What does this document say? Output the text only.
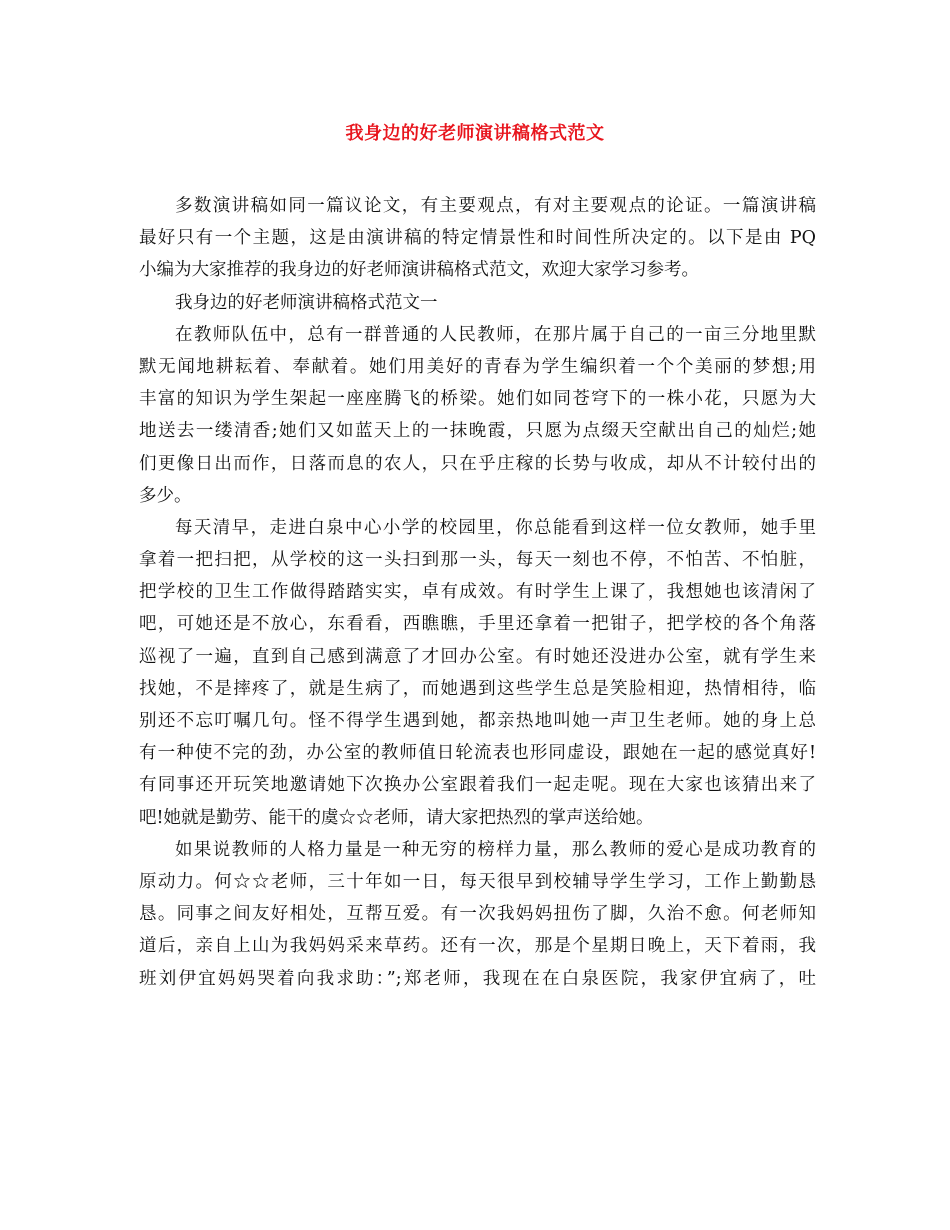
我身边的好老师演讲稿格式范文
多数演讲稿如同一篇议论文，有主要观点，有对主要观点的论证。一篇演讲稿
最好只有一个主题，这是由演讲稿的特定情景性和时间性所决定的。以下是由 PQ
小编为大家推荐的我身边的好老师演讲稿格式范文，欢迎大家学习参考。
我身边的好老师演讲稿格式范文一
在教师队伍中，总有一群普通的人民教师，在那片属于自己的一亩三分地里默
默无闻地耕耘着、奉献着。她们用美好的青春为学生编织着一个个美丽的梦想;用
丰富的知识为学生架起一座座腾飞的桥梁。她们如同苍穹下的一株小花，只愿为大
地送去一缕清香;她们又如蓝天上的一抹晚霞，只愿为点缀天空献出自己的灿烂;她
们更像日出而作，日落而息的农人，只在乎庄稼的长势与收成，却从不计较付出的
多少。
每天清早，走进白泉中心小学的校园里，你总能看到这样一位女教师，她手里
拿着一把扫把，从学校的这一头扫到那一头，每天一刻也不停，不怕苦、不怕脏，
把学校的卫生工作做得踏踏实实，卓有成效。有时学生上课了，我想她也该清闲了
吧，可她还是不放心，东看看，西瞧瞧，手里还拿着一把钳子，把学校的各个角落
巡视了一遍，直到自己感到满意了才回办公室。有时她还没进办公室，就有学生来
找她，不是摔疼了，就是生病了，而她遇到这些学生总是笑脸相迎，热情相待，临
别还不忘叮嘱几句。怪不得学生遇到她，都亲热地叫她一声卫生老师。她的身上总
有一种使不完的劲，办公室的教师值日轮流表也形同虚设，跟她在一起的感觉真好!
有同事还开玩笑地邀请她下次换办公室跟着我们一起走呢。现在大家也该猜出来了
吧!她就是勤劳、能干的虞☆☆老师，请大家把热烈的掌声送给她。
如果说教师的人格力量是一种无穷的榜样力量，那么教师的爱心是成功教育的
原动力。何☆☆老师，三十年如一日，每天很早到校辅导学生学习，工作上勤勤恳
恳。同事之间友好相处，互帮互爱。有一次我妈妈扭伤了脚，久治不愈。何老师知
道后，亲自上山为我妈妈采来草药。还有一次，那是个星期日晚上，天下着雨，我
班刘伊宜妈妈哭着向我求助：”;郑老师，我现在在白泉医院，我家伊宜病了，吐
